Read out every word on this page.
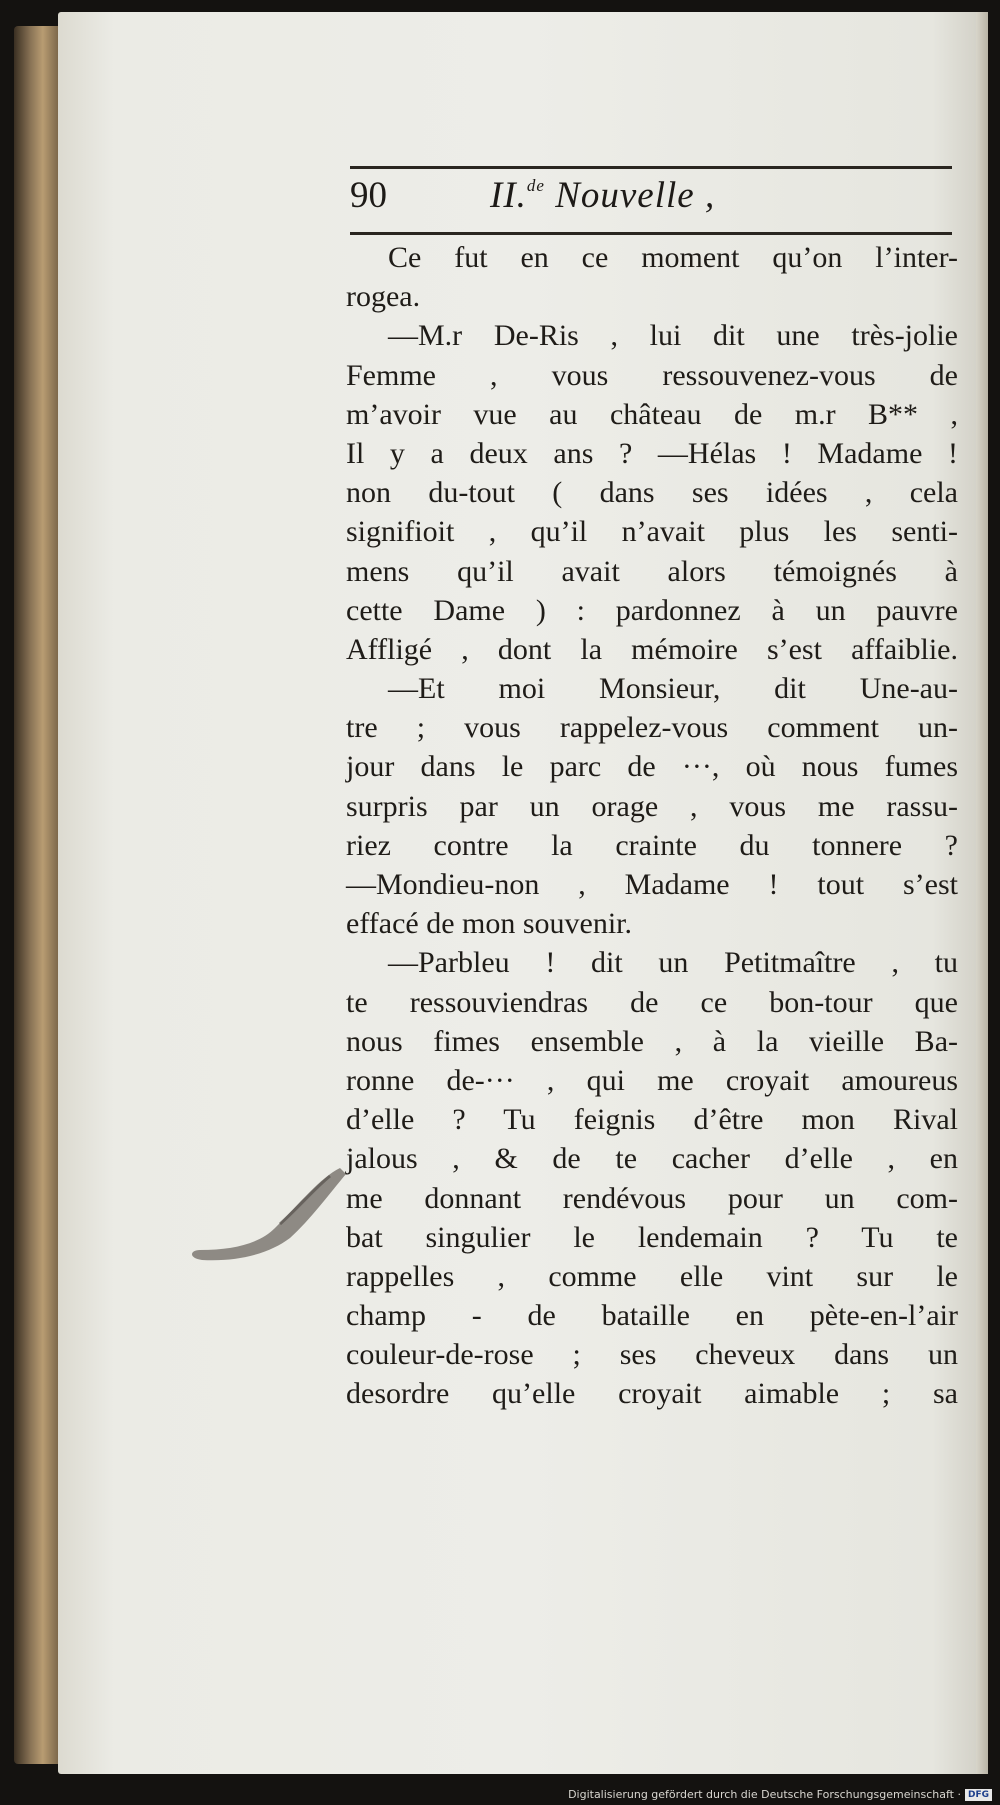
90	II.$^{de}$ Nouvelle ,
Ce fut en ce moment qu’on l’inter-
rogea.
—M.r De-Ris , lui dit une très-jolie
Femme , vous ressouvenez-vous de
m’avoir vue au château de m.r B** ,
Il y a deux ans ? —Hélas ! Madame !
non du-tout ( dans ses idées , cela
signifioit , qu’il n’avait plus les senti-
mens qu’il avait alors témoignés à
cette Dame ) : pardonnez à un pauvre
Affligé , dont la mémoire s’est affaiblie.
—Et moi Monsieur, dit Une-au-
tre ; vous rappelez-vous comment un-
jour dans le parc de ···, où nous fumes
surpris par un orage , vous me rassu-
riez contre la crainte du tonnere ?
—Mondieu-non , Madame ! tout s’est
effacé de mon souvenir.
—Parbleu ! dit un Petitmaître , tu
te ressouviendras de ce bon-tour que
nous fimes ensemble , à la vieille Ba-
ronne de-··· , qui me croyait amoureus
d’elle ? Tu feignis d’être mon Rival
jalous , & de te cacher d’elle , en
me donnant rendévous pour un com-
bat singulier le lendemain ? Tu te
rappelles , comme elle vint sur le
champ - de bataille en pète-en-l’air
couleur-de-rose ; ses cheveux dans un
desordre qu’elle croyait aimable ; sa
Digitalisierung gefördert durch die Deutsche Forschungsgemeinschaft · DFG
